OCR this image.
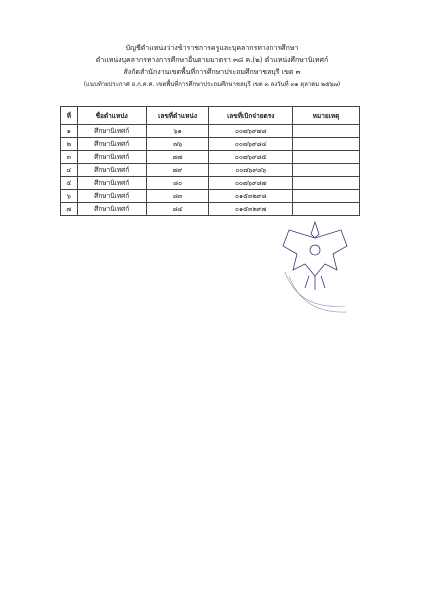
บัญชีตำแหน่งว่างข้าราชการครูและบุคลากรทางการศึกษา
ตำแหน่งบุคลากรทางการศึกษาอื่นตามมาตรา ๓๘ ค.(๒) ตำแหน่งศึกษานิเทศก์
สังกัดสำนักงานเขตพื้นที่การศึกษาประถมศึกษาชลบุรี เขต ๓
(แนบท้ายประกาศ อ.ก.ค.ศ. เขตพื้นที่การศึกษาประถมศึกษาชลบุรี เขต ๓ ลงวันที่ ๓๑ ตุลาคม ๒๕๖๗)
ที่	ชื่อตำแหน่ง	เลขที่ตำแหน่ง	เลขที่เบิกจ่ายตรง	หมายเหตุ
๑	ศึกษานิเทศก์	๖๑	๐๐๗๖๙๗๘	
๒	ศึกษานิเทศก์	๗๖	๐๐๗๖๙๘๔	
๓	ศึกษานิเทศก์	๗๗	๐๐๗๖๙๘๕	
๔	ศึกษานิเทศก์	๗๙	๐๐๗๖๙๘๖	
๕	ศึกษานิเทศก์	๘๐	๐๐๗๖๙๘๗	
๖	ศึกษานิเทศก์	๘๓	๐๑๕๓๒๙๘	
๗	ศึกษานิเทศก์	๘๔	๐๑๕๓๒๙๗	
